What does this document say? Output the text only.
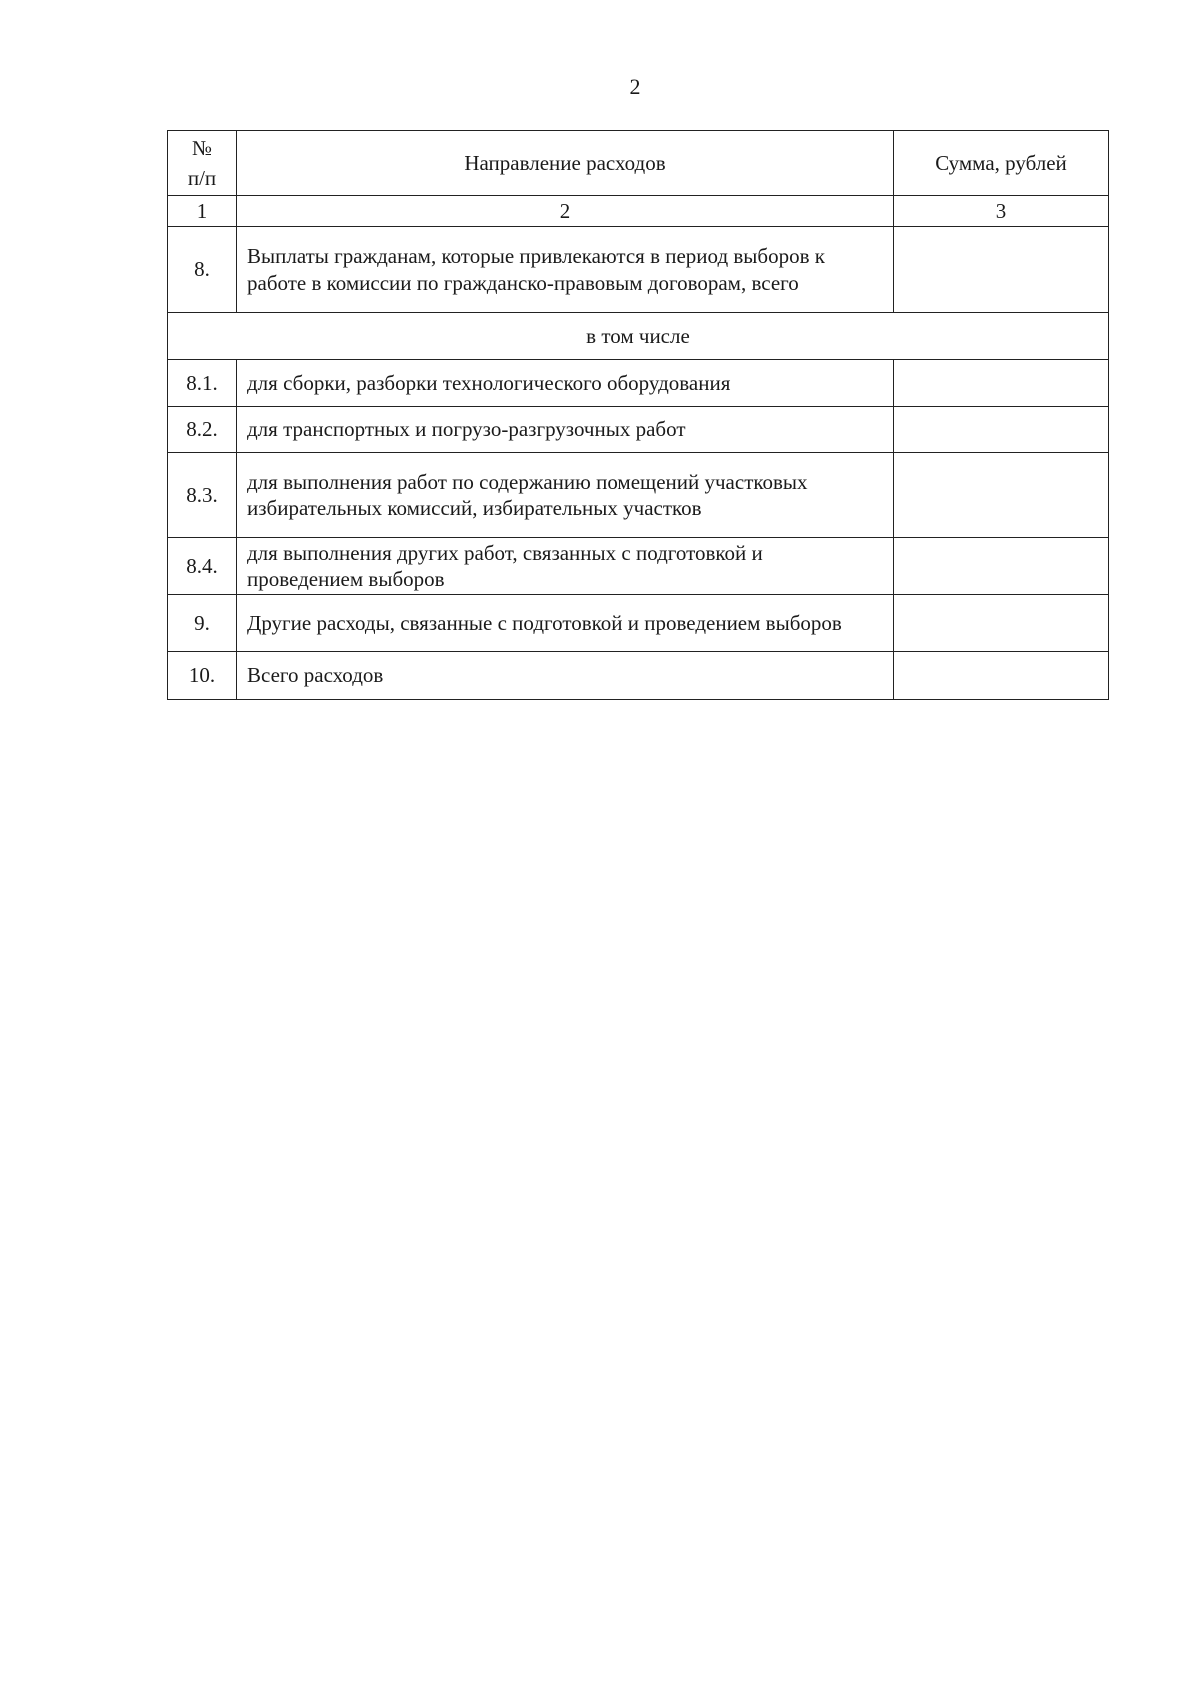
2
№
п/п	Направление расходов	Сумма, рублей
1	2	3
8.	Выплаты гражданам, которые привлекаются в период выборов к работе в комиссии по гражданско-правовым договорам, всего	
в том числе		
8.1.	для сборки, разборки технологического оборудования	
8.2.	для транспортных и погрузо-разгрузочных работ	
8.3.	для выполнения работ по содержанию помещений участковых избирательных комиссий, избирательных участков	
8.4.	для выполнения других работ, связанных с подготовкой и проведением выборов	
9.	Другие расходы, связанные с подготовкой и проведением выборов	
10.	Всего расходов	
